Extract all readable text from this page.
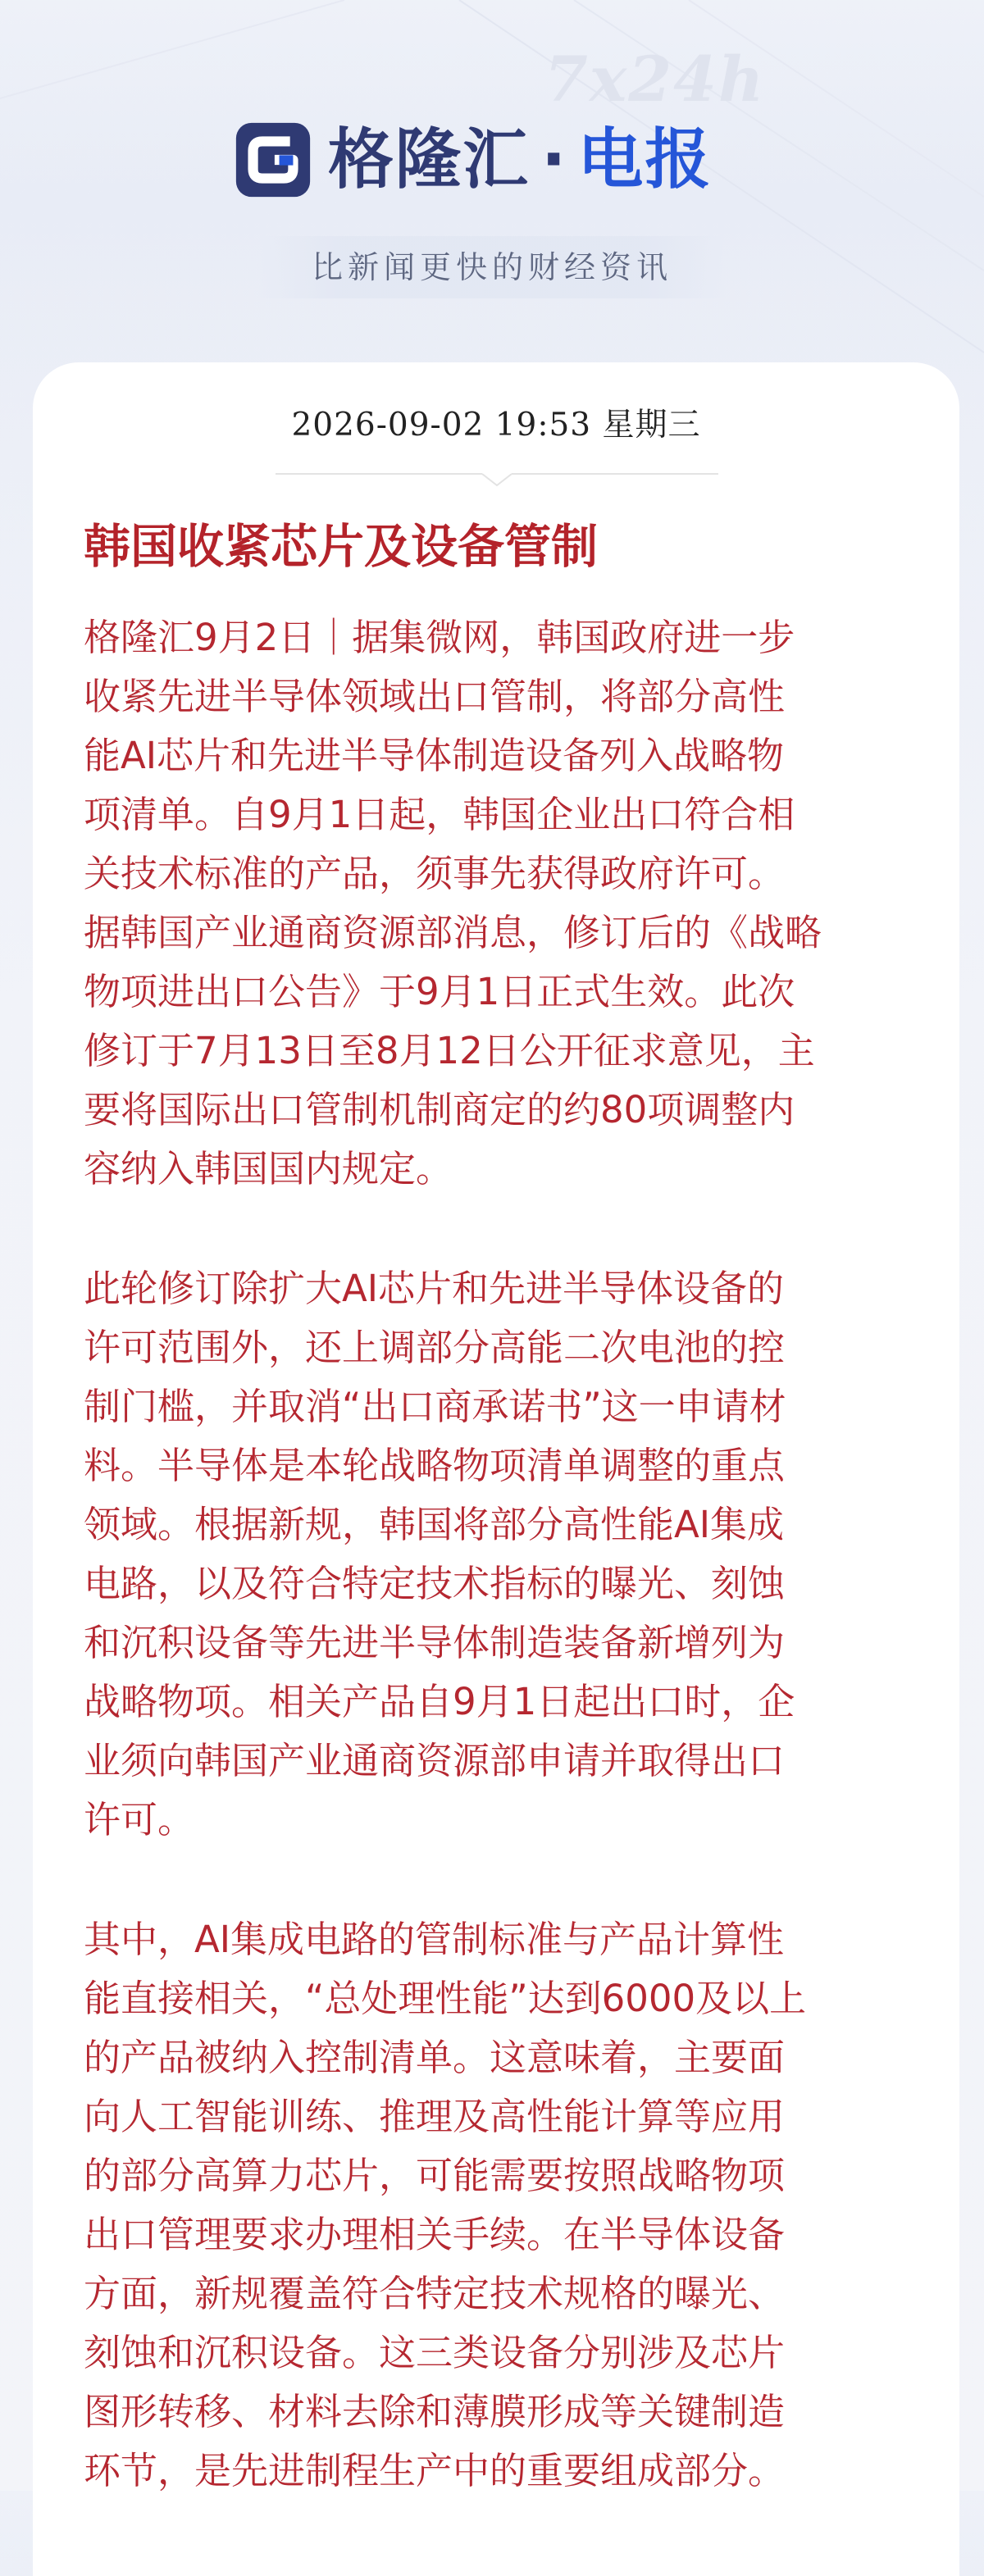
7x24h
格隆汇 · 电报
比新闻更快的财经资讯
2026-09-02 19:53 星期三
韩国收紧芯片及设备管制
格隆汇9月2日｜据集微网，韩国政府进一步
收紧先进半导体领域出口管制，将部分高性
能AI芯片和先进半导体制造设备列入战略物
项清单。自9月1日起，韩国企业出口符合相
关技术标准的产品，须事先获得政府许可。
据韩国产业通商资源部消息，修订后的《战略
物项进出口公告》于9月1日正式生效。此次
修订于7月13日至8月12日公开征求意见，主
要将国际出口管制机制商定的约80项调整内
容纳入韩国国内规定。
此轮修订除扩大AI芯片和先进半导体设备的
许可范围外，还上调部分高能二次电池的控
制门槛，并取消“出口商承诺书”这一申请材
料。半导体是本轮战略物项清单调整的重点
领域。根据新规，韩国将部分高性能AI集成
电路，以及符合特定技术指标的曝光、刻蚀
和沉积设备等先进半导体制造装备新增列为
战略物项。相关产品自9月1日起出口时，企
业须向韩国产业通商资源部申请并取得出口
许可。
其中，AI集成电路的管制标准与产品计算性
能直接相关，“总处理性能”达到6000及以上
的产品被纳入控制清单。这意味着，主要面
向人工智能训练、推理及高性能计算等应用
的部分高算力芯片，可能需要按照战略物项
出口管理要求办理相关手续。在半导体设备
方面，新规覆盖符合特定技术规格的曝光、
刻蚀和沉积设备。这三类设备分别涉及芯片
图形转移、材料去除和薄膜形成等关键制造
环节，是先进制程生产中的重要组成部分。
